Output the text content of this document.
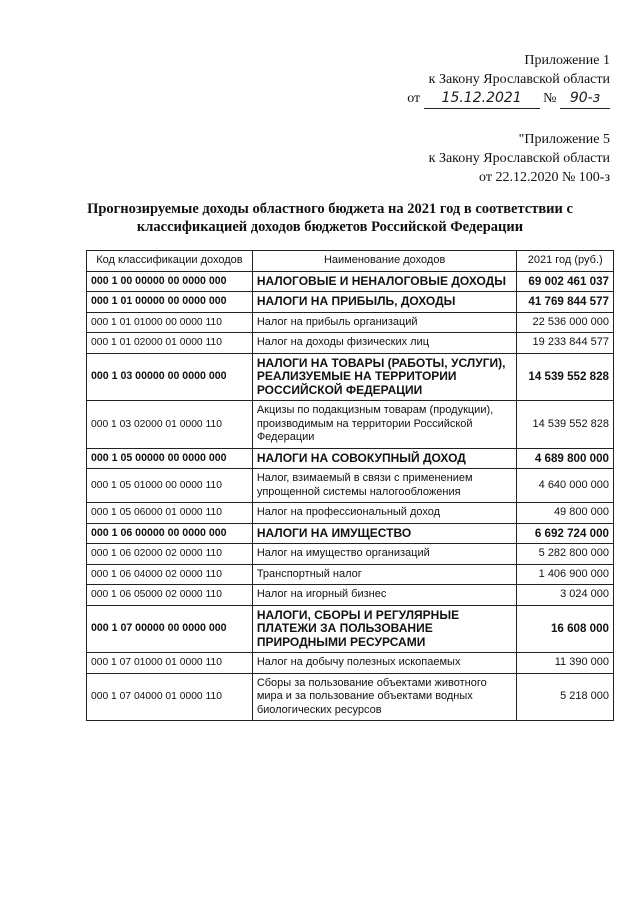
Приложение 1
к Закону Ярославской области
от 15.12.2021 № 90-з
"Приложение 5
к Закону Ярославской области
от 22.12.2020 № 100-з
Прогнозируемые доходы областного бюджета на 2021 год в соответствии с классификацией доходов бюджетов Российской Федерации
Код классификации доходов	Наименование доходов	2021 год (руб.)
000 1 00 00000 00 0000 000	НАЛОГОВЫЕ И НЕНАЛОГОВЫЕ ДОХОДЫ	69 002 461 037
000 1 01 00000 00 0000 000	НАЛОГИ НА ПРИБЫЛЬ, ДОХОДЫ	41 769 844 577
000 1 01 01000 00 0000 110	Налог на прибыль организаций	22 536 000 000
000 1 01 02000 01 0000 110	Налог на доходы физических лиц	19 233 844 577
000 1 03 00000 00 0000 000	НАЛОГИ НА ТОВАРЫ (РАБОТЫ, УСЛУГИ), РЕАЛИЗУЕМЫЕ НА ТЕРРИТОРИИ РОССИЙСКОЙ ФЕДЕРАЦИИ	14 539 552 828
000 1 03 02000 01 0000 110	Акцизы по подакцизным товарам (продукции), производимым на территории Российской Федерации	14 539 552 828
000 1 05 00000 00 0000 000	НАЛОГИ НА СОВОКУПНЫЙ ДОХОД	4 689 800 000
000 1 05 01000 00 0000 110	Налог, взимаемый в связи с применением упрощенной системы налогообложения	4 640 000 000
000 1 05 06000 01 0000 110	Налог на профессиональный доход	49 800 000
000 1 06 00000 00 0000 000	НАЛОГИ НА ИМУЩЕСТВО	6 692 724 000
000 1 06 02000 02 0000 110	Налог на имущество организаций	5 282 800 000
000 1 06 04000 02 0000 110	Транспортный налог	1 406 900 000
000 1 06 05000 02 0000 110	Налог на игорный бизнес	3 024 000
000 1 07 00000 00 0000 000	НАЛОГИ, СБОРЫ И РЕГУЛЯРНЫЕ ПЛАТЕЖИ ЗА ПОЛЬЗОВАНИЕ ПРИРОДНЫМИ РЕСУРСАМИ	16 608 000
000 1 07 01000 01 0000 110	Налог на добычу полезных ископаемых	11 390 000
000 1 07 04000 01 0000 110	Сборы за пользование объектами животного мира и за пользование объектами водных биологических ресурсов	5 218 000
